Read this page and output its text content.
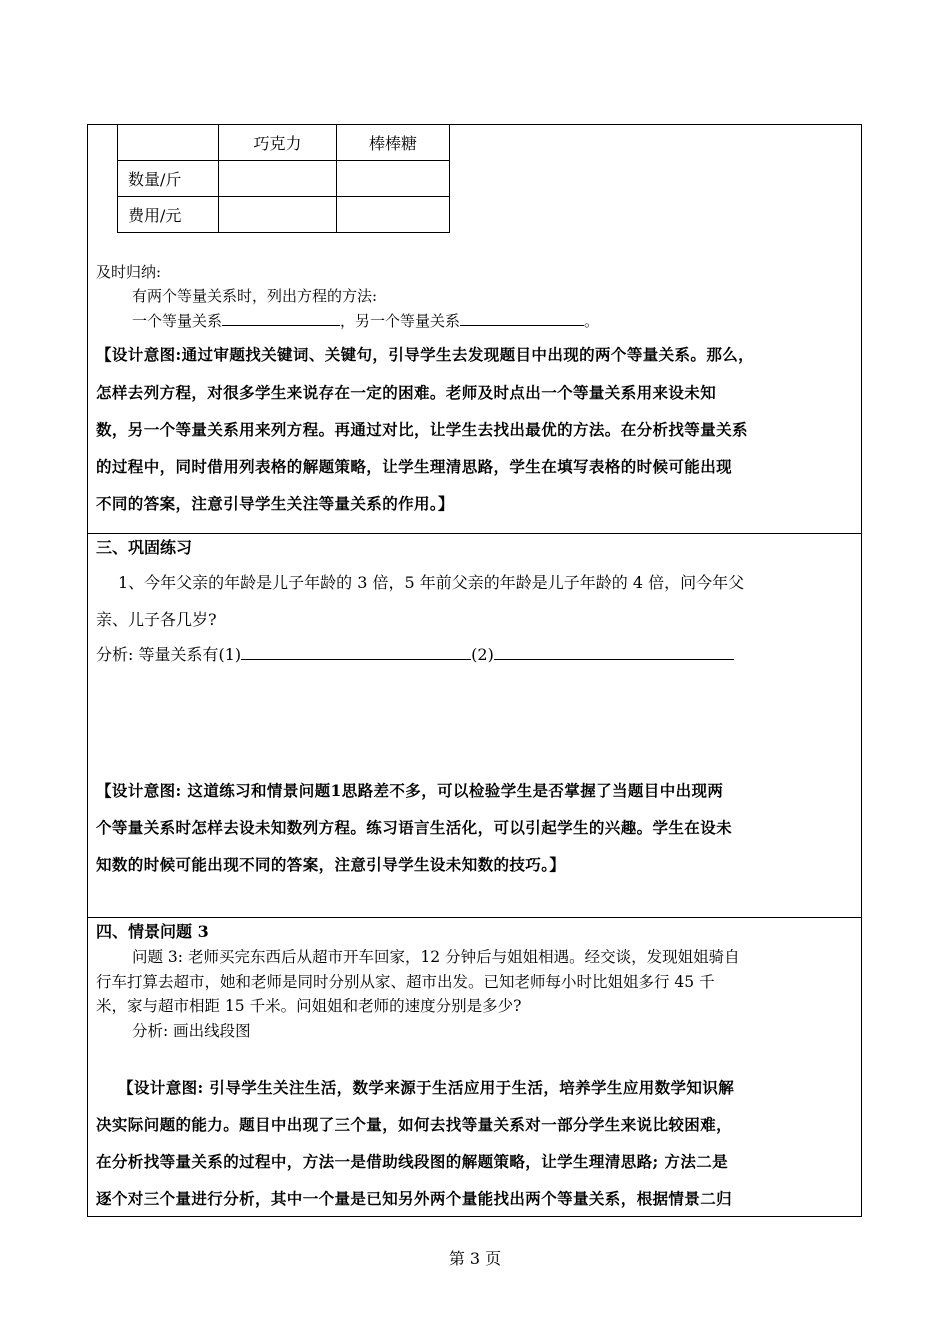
	巧克力	棒棒糖
数量/斤		
费用/元		
及时归纳:
有两个等量关系时，列出方程的方法:
一个等量关系	，另一个等量关系	。
【设计意图:通过审题找关键词、关键句，引导学生去发现题目中出现的两个等量关系。那么，
怎样去列方程，对很多学生来说存在一定的困难。老师及时点出一个等量关系用来设未知
数，另一个等量关系用来列方程。再通过对比，让学生去找出最优的方法。在分析找等量关系
的过程中，同时借用列表格的解题策略，让学生理清思路，学生在填写表格的时候可能出现
不同的答案，注意引导学生关注等量关系的作用。】
三、巩固练习
1、今年父亲的年龄是儿子年龄的 3 倍，5 年前父亲的年龄是儿子年龄的 4 倍，问今年父
亲、儿子各几岁?
分析: 等量关系有(1)	(2)
【设计意图: 这道练习和情景问题1思路差不多，可以检验学生是否掌握了当题目中出现两
个等量关系时怎样去设未知数列方程。练习语言生活化，可以引起学生的兴趣。学生在设未
知数的时候可能出现不同的答案，注意引导学生设未知数的技巧。】
四、情景问题 3
问题 3: 老师买完东西后从超市开车回家，12 分钟后与姐姐相遇。经交谈，发现姐姐骑自
行车打算去超市，她和老师是同时分别从家、超市出发。已知老师每小时比姐姐多行 45 千
米，家与超市相距 15 千米。问姐姐和老师的速度分别是多少?
分析: 画出线段图
【设计意图: 引导学生关注生活，数学来源于生活应用于生活，培养学生应用数学知识解
决实际问题的能力。题目中出现了三个量，如何去找等量关系对一部分学生来说比较困难，
在分析找等量关系的过程中，方法一是借助线段图的解题策略，让学生理清思路; 方法二是
逐个对三个量进行分析，其中一个量是已知另外两个量能找出两个等量关系，根据情景二归
第 3 页
